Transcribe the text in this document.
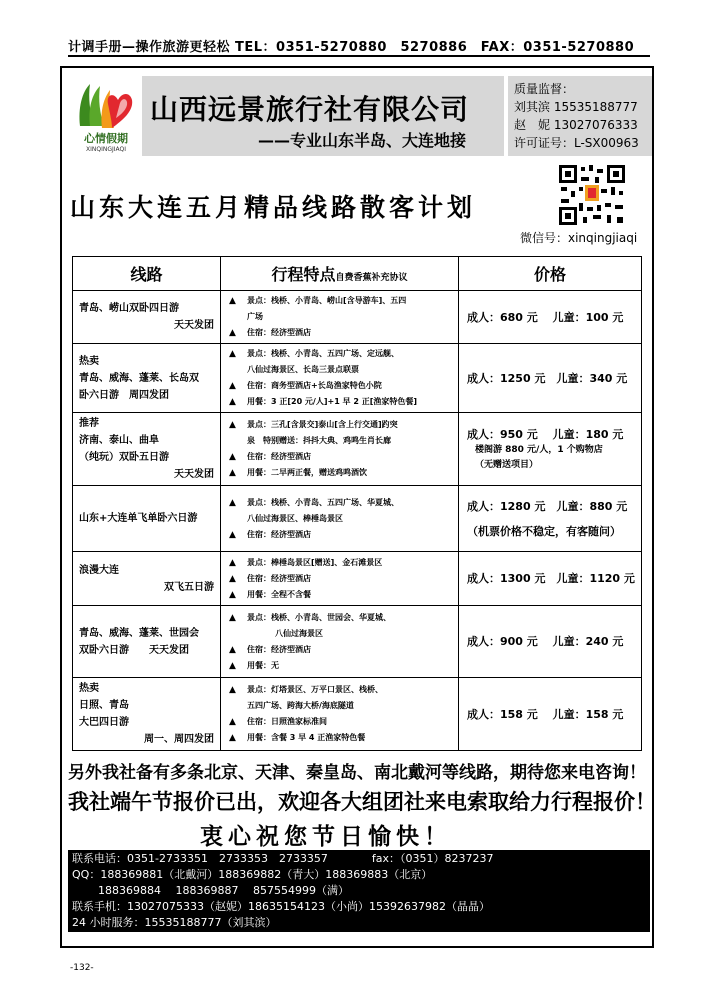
计调手册—操作旅游更轻松 TEL：0351-5270880　5270886　FAX：0351-5270880
心情假期
XINQINGJIAQI
山西远景旅行社有限公司
——专业山东半岛、大连地接
质量监督：
刘其滨 15535188777
赵　妮 13027076333
许可证号：L-SX00963
山东大连五月精品线路散客计划
微信号：xinqingjiaqi
线路	行程特点自费香蕉补充协议	价格

青岛、崂山双卧四日游
天天发团	▲ 景点：栈桥、小青岛、崂山[含导游车]、五四
广场
▲ 住宿：经济型酒店	成人：680 元　 儿童：100 元

热卖
青岛、威海、蓬莱、长岛双
卧六日游　周四发团	▲ 景点：栈桥、小青岛、五四广场、定远舰、
八仙过海景区、长岛三景点联票
▲ 住宿：商务型酒店+长岛渔家特色小院
▲ 用餐：3 正[20 元/人]+1 早 2 正[渔家特色餐]	成人：1250 元　儿童：340 元

推荐
济南、泰山、曲阜
（纯玩）双卧五日游
天天发团	▲ 景点：三孔[含景交]泰山[含上行交通]趵突
泉　特别赠送：抖抖大典、鸡鸣生肖长廊
▲ 住宿：经济型酒店
▲ 用餐：二早两正餐，赠送鸡鸣酒饮	成人：950 元　 儿童：180 元
楼阁游 880 元/人，1 个购物店
（无赠送项目）

山东+大连单飞单卧六日游	▲ 景点：栈桥、小青岛、五四广场、华夏城、
八仙过海景区、棒棰岛景区
▲ 住宿：经济型酒店	成人：1280 元　儿童：880 元
（机票价格不稳定，有客随问）

浪漫大连
双飞五日游	▲ 景点：棒棰岛景区[赠送]、金石滩景区
▲ 住宿：经济型酒店
▲ 用餐：全程不含餐	成人：1300 元　儿童：1120 元

青岛、威海、蓬莱、世园会
双卧六日游　　天天发团	▲ 景点：栈桥、小青岛、世园会、华夏城、
八仙过海景区
▲ 住宿：经济型酒店
▲ 用餐：无	成人：900 元　 儿童：240 元

热卖
日照、青岛
大巴四日游
周一、周四发团	▲ 景点：灯塔景区、万平口景区、栈桥、
五四广场、跨海大桥/海底隧道
▲ 住宿：日照渔家标准间
▲ 用餐：含餐 3 早 4 正渔家特色餐	成人：158 元　 儿童：158 元
另外我社备有多条北京、天津、秦皇岛、南北戴河等线路，期待您来电咨询！
我社端午节报价已出，欢迎各大组团社来电索取给力行程报价！
衷心祝您节日愉快！
联系电话：0351-2733351　2733353　2733357　　　　fax：（0351）8237237
QQ：188369881（北戴河）188369882（青大）188369883（北京）
188369884　 188369887　 857554999（满）
联系手机：13027075333（赵妮）18635154123（小尚）15392637982（晶晶）
24 小时服务：15535188777（刘其滨）
-132-
